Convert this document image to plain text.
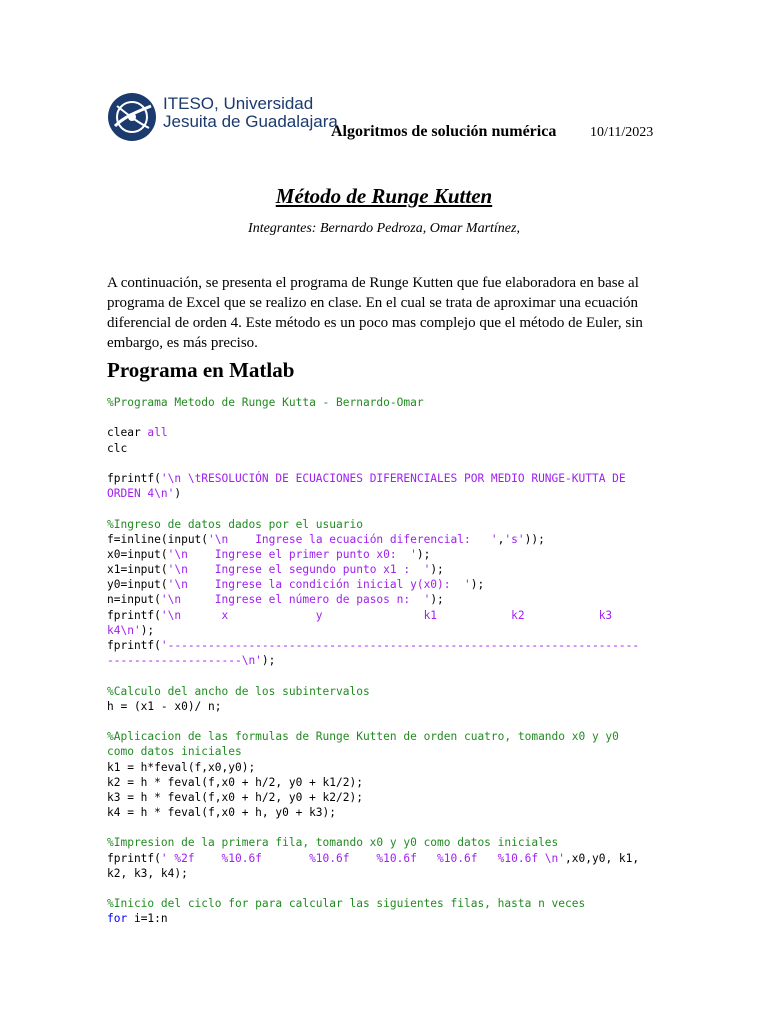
ITESO, Universidad
Jesuita de Guadalajara
Algoritmos de solución numérica 10/11/2023
Método de Runge Kutten
Integrantes: Bernardo Pedroza, Omar Martínez,
A continuación, se presenta el programa de Runge Kutten que fue elaboradora en base al programa de Excel que se realizo en clase. En el cual se trata de aproximar una ecuación diferencial de orden 4. Este método es un poco mas complejo que el método de Euler, sin embargo, es más preciso.
Programa en Matlab
%Programa Metodo de Runge Kutta - Bernardo-Omar

clear all
clc

fprintf('\n \tRESOLUCIÓN DE ECUACIONES DIFERENCIALES POR MEDIO RUNGE-KUTTA DE
ORDEN 4\n')

%Ingreso de datos dados por el usuario
f=inline(input('\n    Ingrese la ecuación diferencial:   ','s'));
x0=input('\n    Ingrese el primer punto x0:  ');
x1=input('\n    Ingrese el segundo punto x1 :  ');
y0=input('\n    Ingrese la condición inicial y(x0):  ');
n=input('\n     Ingrese el número de pasos n:  ');
fprintf('\n      x             y               k1           k2           k3
k4\n');
fprintf('----------------------------------------------------------------------
--------------------\n');

%Calculo del ancho de los subintervalos
h = (x1 - x0)/ n;

%Aplicacion de las formulas de Runge Kutten de orden cuatro, tomando x0 y y0
como datos iniciales
k1 = h*feval(f,x0,y0);
k2 = h * feval(f,x0 + h/2, y0 + k1/2);
k3 = h * feval(f,x0 + h/2, y0 + k2/2);
k4 = h * feval(f,x0 + h, y0 + k3);

%Impresion de la primera fila, tomando x0 y y0 como datos iniciales
fprintf(' %2f    %10.6f       %10.6f    %10.6f   %10.6f   %10.6f \n',x0,y0, k1,
k2, k3, k4);

%Inicio del ciclo for para calcular las siguientes filas, hasta n veces
for i=1:n
